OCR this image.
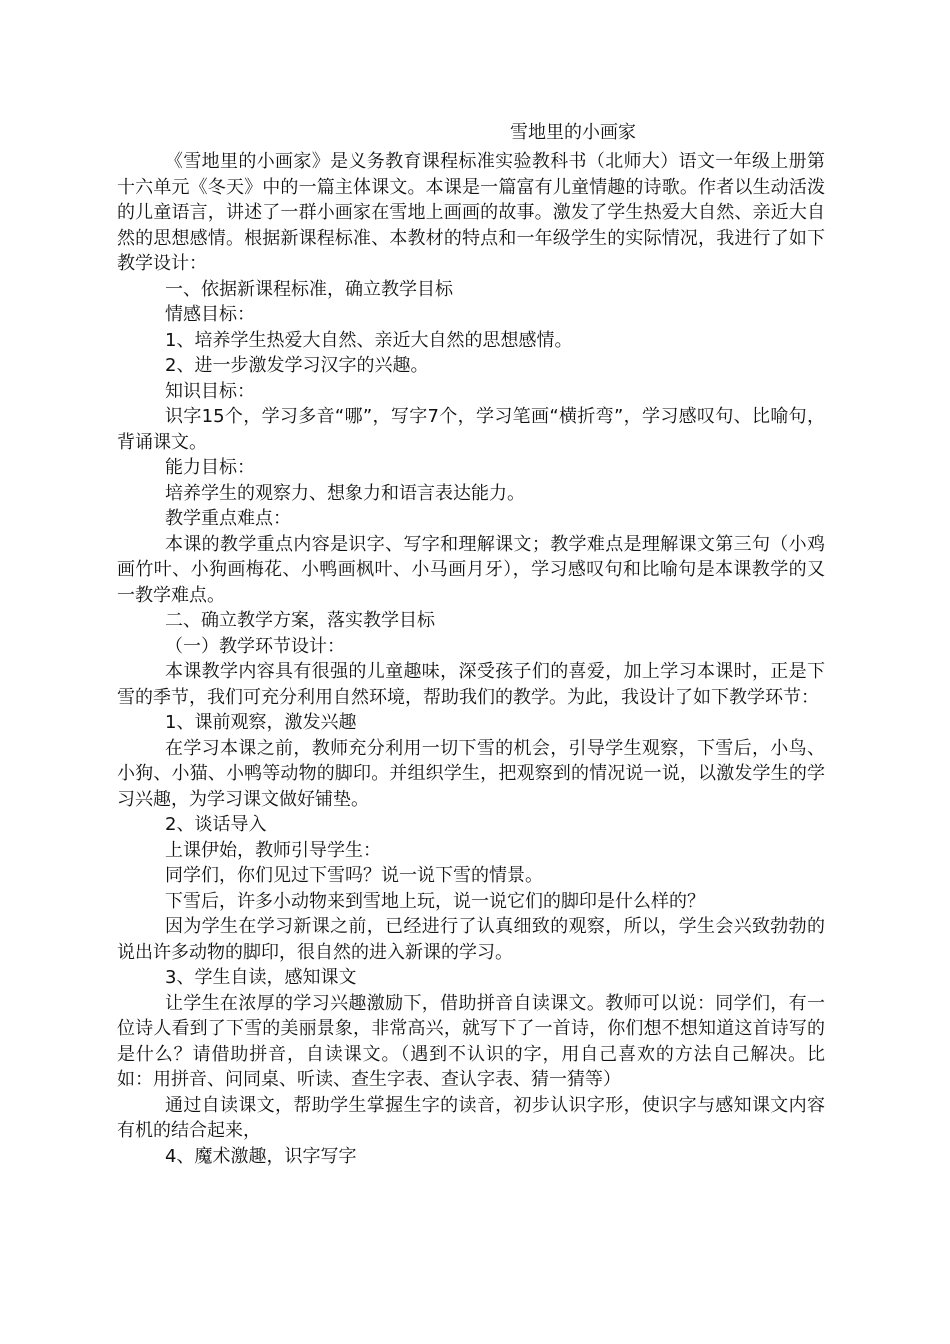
雪地里的小画家

《雪地里的小画家》是义务教育课程标准实验教科书（北师大）语文一年级上册第十六单元《冬天》中的一篇主体课文。本课是一篇富有儿童情趣的诗歌。作者以生动活泼的儿童语言，讲述了一群小画家在雪地上画画的故事。激发了学生热爱大自然、亲近大自然的思想感情。根据新课程标准、本教材的特点和一年级学生的实际情况，我进行了如下教学设计：

一、依据新课程标准，确立教学目标

情感目标：

1、培养学生热爱大自然、亲近大自然的思想感情。

2、进一步激发学习汉字的兴趣。

知识目标：

识字15个，学习多音“哪”，写字7个，学习笔画“横折弯”，学习感叹句、比喻句，背诵课文。

能力目标：

培养学生的观察力、想象力和语言表达能力。

教学重点难点：

本课的教学重点内容是识字、写字和理解课文；教学难点是理解课文第三句（小鸡画竹叶、小狗画梅花、小鸭画枫叶、小马画月牙），学习感叹句和比喻句是本课教学的又一教学难点。

二、确立教学方案，落实教学目标

（一）教学环节设计：

本课教学内容具有很强的儿童趣味，深受孩子们的喜爱，加上学习本课时，正是下雪的季节，我们可充分利用自然环境，帮助我们的教学。为此，我设计了如下教学环节：

1、课前观察，激发兴趣

在学习本课之前，教师充分利用一切下雪的机会，引导学生观察，下雪后，小鸟、小狗、小猫、小鸭等动物的脚印。并组织学生，把观察到的情况说一说，以激发学生的学习兴趣，为学习课文做好铺垫。

2、谈话导入

上课伊始，教师引导学生：

同学们，你们见过下雪吗？说一说下雪的情景。

下雪后，许多小动物来到雪地上玩，说一说它们的脚印是什么样的？

因为学生在学习新课之前，已经进行了认真细致的观察，所以，学生会兴致勃勃的说出许多动物的脚印，很自然的进入新课的学习。

3、学生自读，感知课文

让学生在浓厚的学习兴趣激励下，借助拼音自读课文。教师可以说：同学们，有一位诗人看到了下雪的美丽景象，非常高兴，就写下了一首诗，你们想不想知道这首诗写的是什么？请借助拼音，自读课文。（遇到不认识的字，用自己喜欢的方法自己解决。比如：用拼音、问同桌、听读、查生字表、查认字表、猜一猜等）

通过自读课文，帮助学生掌握生字的读音，初步认识字形，使识字与感知课文内容有机的结合起来，

4、魔术激趣，识字写字
